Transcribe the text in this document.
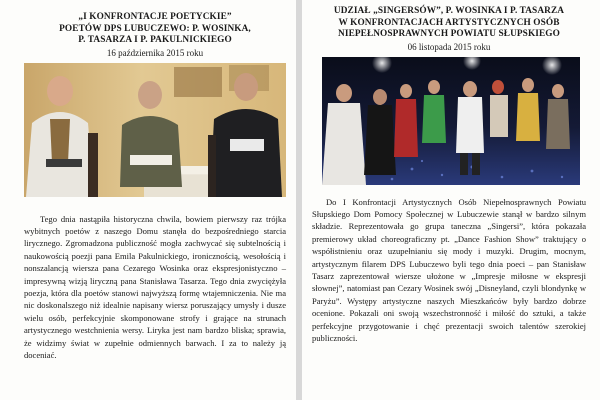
„I KONFRONTACJE POETYCKIE”
POETÓW DPS LUBUCZEWO: P. WOSINKA,
P. TASARZA I P. PAKULNICKIEGO

16 października 2015 roku

Tego dnia nastąpiła historyczna chwila, bowiem pierwszy raz trójka wybitnych poetów z naszego Domu stanęła do bezpośredniego starcia lirycznego. Zgromadzona publiczność mogła zachwycać się subtelnością i naukowością poezji pana Emila Pakulnickiego, ironicznością, wesołością i nonszalancją wiersza pana Cezarego Wosinka oraz ekspresjonistyczno – impresywną wizją liryczną pana Stanisława Tasarza. Tego dnia zwyciężyła poezja, która dla poetów stanowi najwyższą formę wtajemniczenia. Nie ma nic doskonalszego niż idealnie napisany wiersz poruszający umysły i dusze wielu osób, perfekcyjnie skomponowane strofy i grające na strunach artystycznego westchnienia wersy. Liryka jest nam bardzo bliska; sprawia, że widzimy świat w zupełnie odmiennych barwach. I za to należy ją doceniać.

UDZIAŁ „SINGERSÓW”, P. WOSINKA I P. TASARZA
W KONFRONTACJACH ARTYSTYCZNYCH OSÓB
NIEPEŁNOSPRAWNYCH POWIATU SŁUPSKIEGO

06 listopada 2015 roku

Do I Konfrontacji Artystycznych Osób Niepełnosprawnych Powiatu Słupskiego Dom Pomocy Społecznej w Lubuczewie stanął w bardzo silnym składzie. Reprezentowała go grupa taneczna „Singersi”, która pokazała premierowy układ choreograficzny pt. „Dance Fashion Show” traktujący o współistnieniu oraz uzupełnianiu się mody i muzyki. Drugim, mocnym, artystycznym filarem DPS Lubuczewo byli tego dnia poeci – pan Stanisław Tasarz zaprezentował wiersze ułożone w „Impresje miłosne w ekspresji słownej”, natomiast pan Cezary Wosinek swój „Disneyland, czyli blondynkę w Paryżu”. Występy artystyczne naszych Mieszkańców były bardzo dobrze ocenione. Pokazali oni swoją wszechstronność i miłość do sztuki, a także perfekcyjne przygotowanie i chęć prezentacji swoich talentów szerokiej publiczności.
